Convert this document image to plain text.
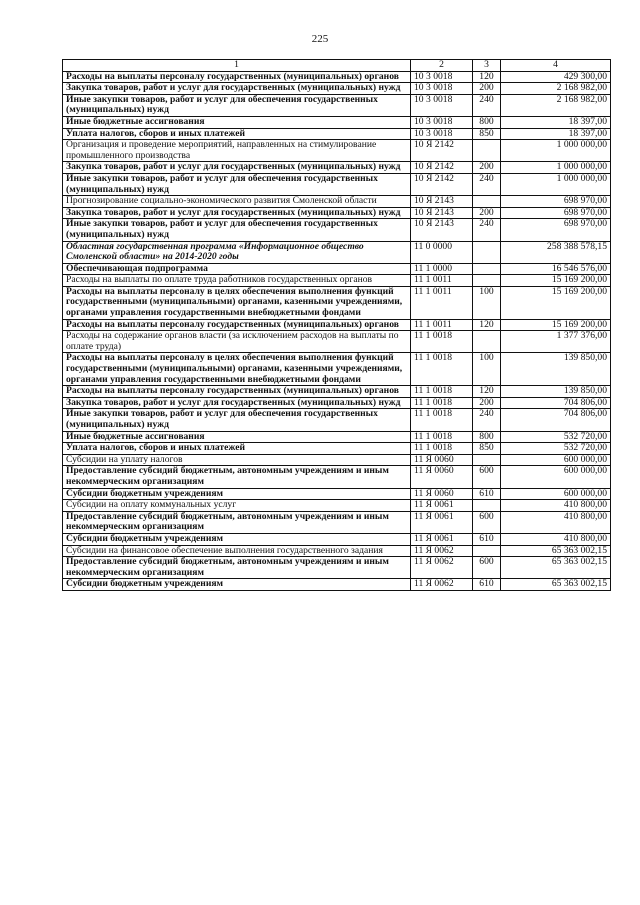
225
1	2	3	4
Расходы на выплаты персоналу государственных (муниципальных) органов	10 3 0018	120	429 300,00
Закупка товаров, работ и услуг для государственных (муниципальных) нужд	10 3 0018	200	2 168 982,00
Иные закупки товаров, работ и услуг для обеспечения государственных (муниципальных) нужд	10 3 0018	240	2 168 982,00
Иные бюджетные ассигнования	10 3 0018	800	18 397,00
Уплата налогов, сборов и иных платежей	10 3 0018	850	18 397,00
Организация и проведение мероприятий, направленных на стимулирование промышленного производства	10 Я 2142		1 000 000,00
Закупка товаров, работ и услуг для государственных (муниципальных) нужд	10 Я 2142	200	1 000 000,00
Иные закупки товаров, работ и услуг для обеспечения государственных (муниципальных) нужд	10 Я 2142	240	1 000 000,00
Прогнозирование социально-экономического развития Смоленской области	10 Я 2143		698 970,00
Закупка товаров, работ и услуг для государственных (муниципальных) нужд	10 Я 2143	200	698 970,00
Иные закупки товаров, работ и услуг для обеспечения государственных (муниципальных) нужд	10 Я 2143	240	698 970,00
Областная государственная программа «Информационное общество Смоленской области» на 2014-2020 годы	11 0 0000		258 388 578,15
Обеспечивающая подпрограмма	11 1 0000		16 546 576,00
Расходы на выплаты по оплате труда работников государственных органов	11 1 0011		15 169 200,00
Расходы на выплаты персоналу в целях обеспечения выполнения функций государственными (муниципальными) органами, казенными учреждениями, органами управления государственными внебюджетными фондами	11 1 0011	100	15 169 200,00
Расходы на выплаты персоналу государственных (муниципальных) органов	11 1 0011	120	15 169 200,00
Расходы на содержание органов власти (за исключением расходов на выплаты по оплате труда)	11 1 0018		1 377 376,00
Расходы на выплаты персоналу в целях обеспечения выполнения функций государственными (муниципальными) органами, казенными учреждениями, органами управления государственными внебюджетными фондами	11 1 0018	100	139 850,00
Расходы на выплаты персоналу государственных (муниципальных) органов	11 1 0018	120	139 850,00
Закупка товаров, работ и услуг для государственных (муниципальных) нужд	11 1 0018	200	704 806,00
Иные закупки товаров, работ и услуг для обеспечения государственных (муниципальных) нужд	11 1 0018	240	704 806,00
Иные бюджетные ассигнования	11 1 0018	800	532 720,00
Уплата налогов, сборов и иных платежей	11 1 0018	850	532 720,00
Субсидии на уплату налогов	11 Я 0060		600 000,00
Предоставление субсидий бюджетным, автономным учреждениям и иным некоммерческим организациям	11 Я 0060	600	600 000,00
Субсидии бюджетным учреждениям	11 Я 0060	610	600 000,00
Субсидии на оплату коммунальных услуг	11 Я 0061		410 800,00
Предоставление субсидий бюджетным, автономным учреждениям и иным некоммерческим организациям	11 Я 0061	600	410 800,00
Субсидии бюджетным учреждениям	11 Я 0061	610	410 800,00
Субсидии на финансовое обеспечение выполнения государственного задания	11 Я 0062		65 363 002,15
Предоставление субсидий бюджетным, автономным учреждениям и иным некоммерческим организациям	11 Я 0062	600	65 363 002,15
Субсидии бюджетным учреждениям	11 Я 0062	610	65 363 002,15
